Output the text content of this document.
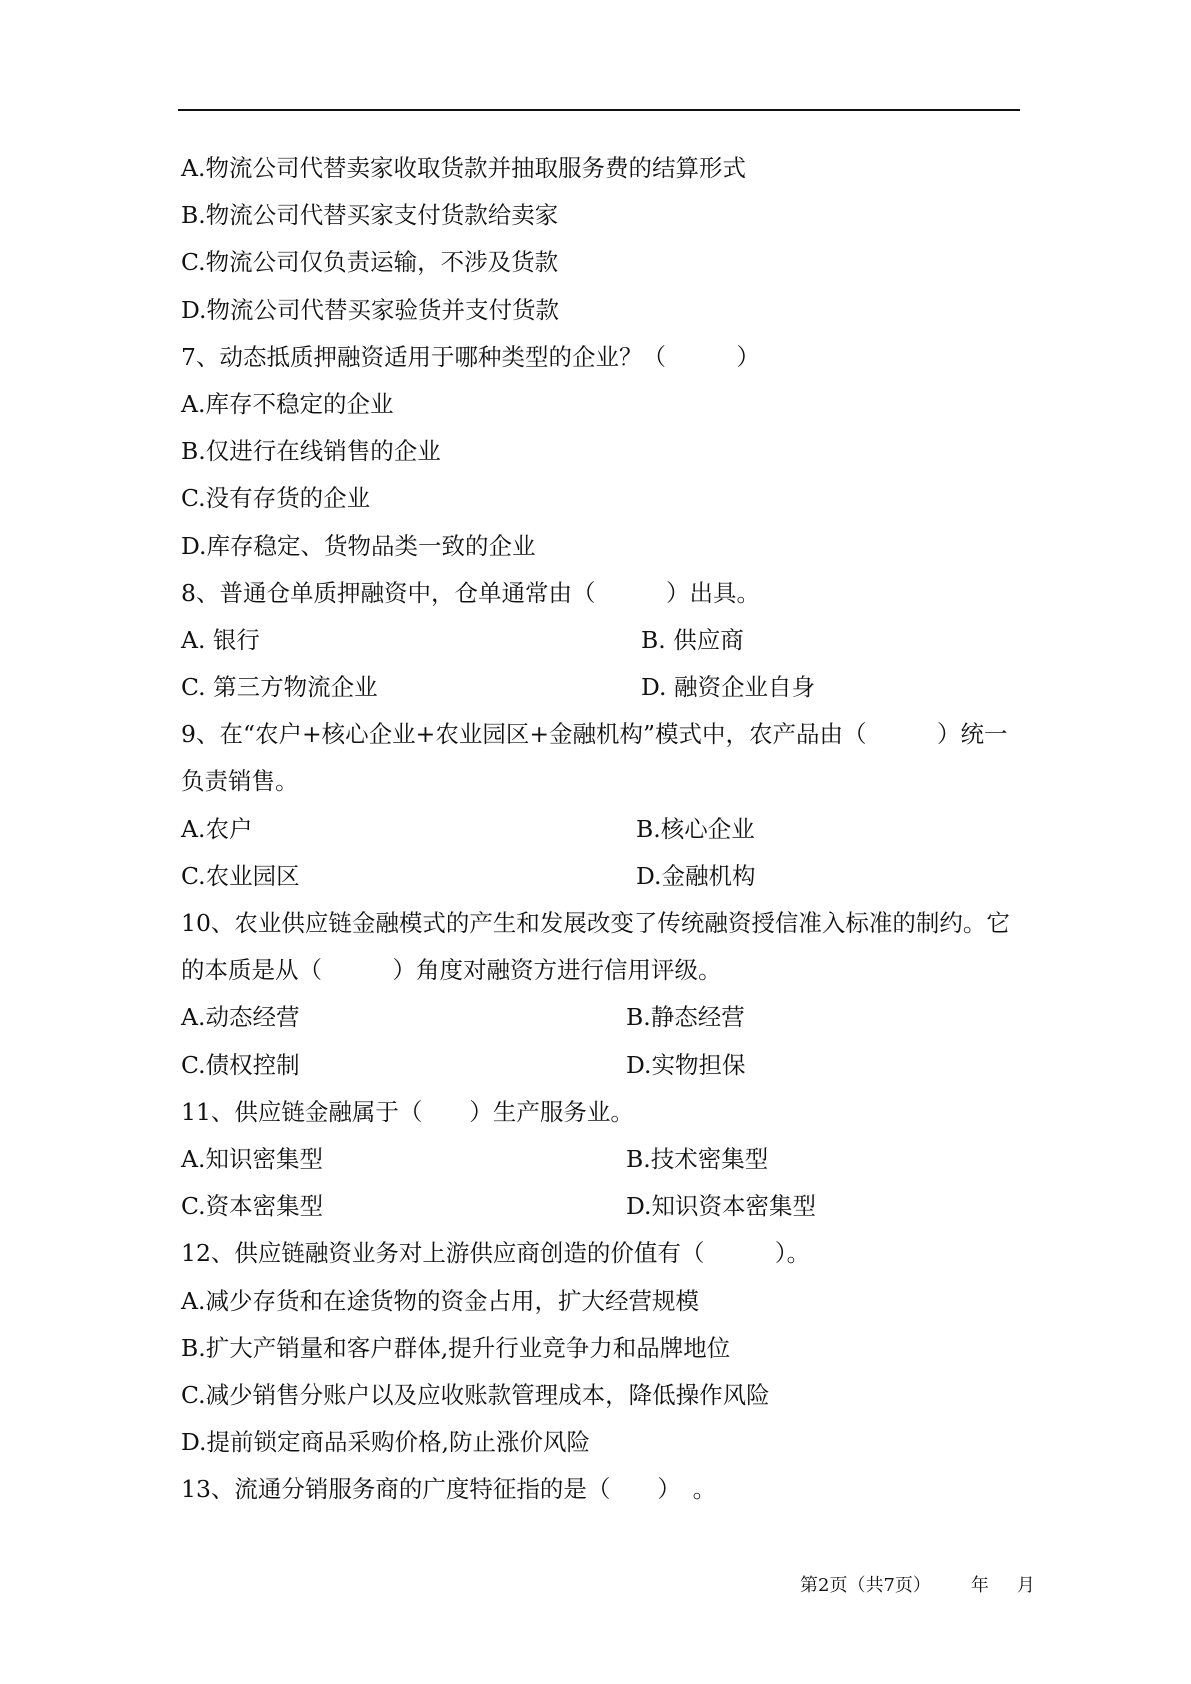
A.物流公司代替卖家收取货款并抽取服务费的结算形式
B.物流公司代替买家支付货款给卖家
C.物流公司仅负责运输，不涉及货款
D.物流公司代替买家验货并支付货款
7、动态抵质押融资适用于哪种类型的企业？（　　　）
A.库存不稳定的企业
B.仅进行在线销售的企业
C.没有存货的企业
D.库存稳定、货物品类一致的企业
8、普通仓单质押融资中，仓单通常由（　　　）出具。
A. 银行	B. 供应商
C. 第三方物流企业	D. 融资企业自身
9、在“农户+核心企业+农业园区+金融机构”模式中，农产品由（　　　）统一
负责销售。
A.农户	B.核心企业
C.农业园区	D.金融机构
10、农业供应链金融模式的产生和发展改变了传统融资授信准入标准的制约。它
的本质是从（　　　）角度对融资方进行信用评级。
A.动态经营	B.静态经营
C.债权控制	D.实物担保
11、供应链金融属于（　　）生产服务业。
A.知识密集型	B.技术密集型
C.资本密集型	D.知识资本密集型
12、供应链融资业务对上游供应商创造的价值有（　　　）。
A.减少存货和在途货物的资金占用，扩大经营规模
B.扩大产销量和客户群体,提升行业竞争力和品牌地位
C.减少销售分账户以及应收账款管理成本，降低操作风险
D.提前锁定商品采购价格,防止涨价风险
13、流通分销服务商的广度特征指的是（　　）　。
第2页（共7页） 年 月
